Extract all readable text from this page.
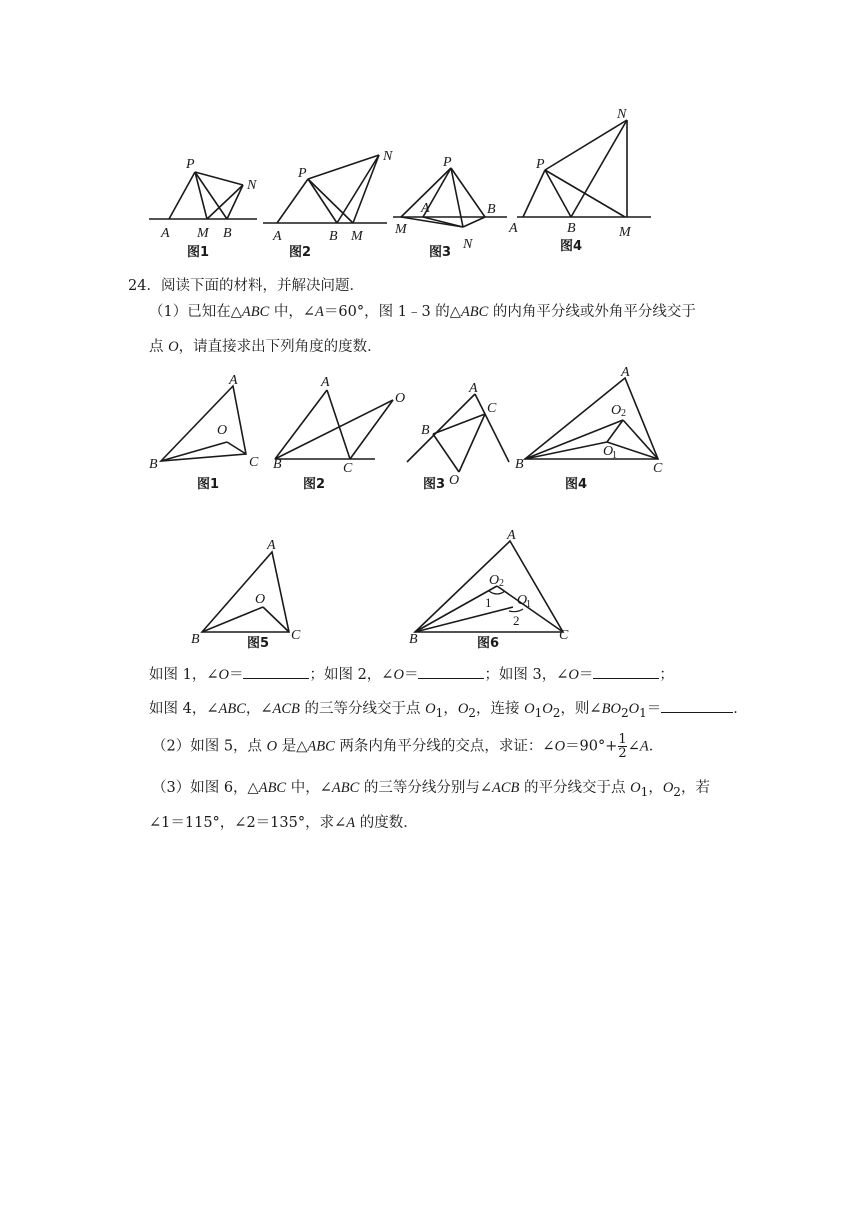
P
N
A M B
图1
P
N
A	B M
图2
P
A	B
M
N
图3
N
P
A	B	M
图4
24．阅读下面的材料，并解决问题．
（1）已知在△ABC 中，∠A＝60°，图 1﹣3 的△ABC 的内角平分线或外角平分线交于
点 O，请直接求出下列角度的度数．
A
O
B	C
图1
A
O
B	C
图2
A
C
B
O
图3
A
O 2
O
1
B	C
图4
A
O
B	C
图5
A
O 2
O
1
1
2
B	C
图6
如图 1，∠O＝	；如图 2，∠O＝	；如图 3，∠O＝	；
如图 4，∠ABC，∠ACB 的三等分线交于点 $O_1$，$O_2$，连接 $O_1O_2$，则$\angle BO_2O_1=$	．
（2）如图 5，点 O 是△ABC 两条内角平分线的交点，求证：∠O＝90°+ $\frac{1}{2}$ ∠A．
（3）如图 6，△ABC 中，∠ABC 的三等分线分别与∠ACB 的平分线交于点 $O_1$，$O_2$，若
∠1＝115°，∠2＝135°，求∠A 的度数．
